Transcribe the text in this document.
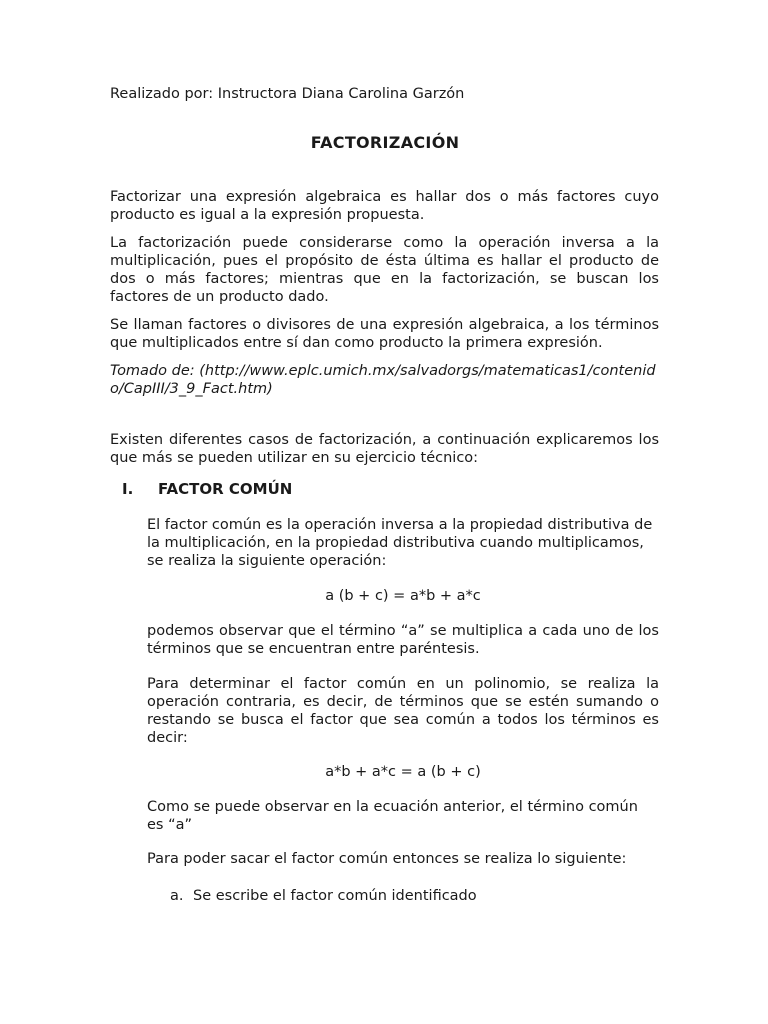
Realizado por: Instructora Diana Carolina Garzón

FACTORIZACIÓN

Factorizar una expresión algebraica es hallar dos o más factores cuyo producto es igual a la expresión propuesta.

La factorización puede considerarse como la operación inversa a la multiplicación, pues el propósito de ésta última es hallar el producto de dos o más factores; mientras que en la factorización, se buscan los factores de un producto dado.

Se llaman factores o divisores de una expresión algebraica, a los términos que multiplicados entre sí dan como producto la primera expresión.

Tomado de: (http://www.eplc.umich.mx/salvadorgs/matematicas1/contenido/CapIII/3_9_Fact.htm)

Existen diferentes casos de factorización, a continuación explicaremos los que más se pueden utilizar en su ejercicio técnico:

I. FACTOR COMÚN

El factor común es la operación inversa a la propiedad distributiva de la multiplicación, en la propiedad distributiva cuando multiplicamos, se realiza la siguiente operación:

a (b + c) = a*b + a*c

podemos observar que el término “a” se multiplica a cada uno de los términos que se encuentran entre paréntesis.

Para determinar el factor común en un polinomio, se realiza la operación contraria, es decir, de términos que se estén sumando o restando se busca el factor que sea común a todos los términos es decir:

a*b + a*c = a (b + c)

Como se puede observar en la ecuación anterior, el término común es “a”

Para poder sacar el factor común entonces se realiza lo siguiente:

a. Se escribe el factor común identificado
